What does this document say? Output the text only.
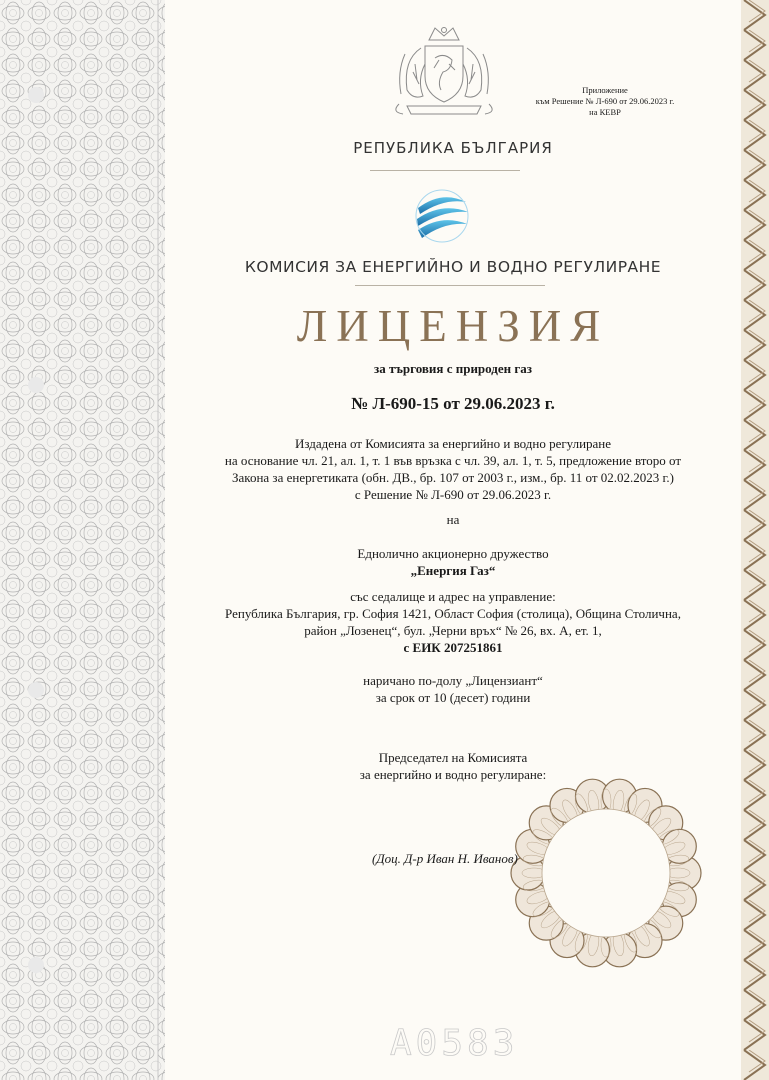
Приложение
към Решение № Л-690 от 29.06.2023 г.
на КЕВР
РЕПУБЛИКА БЪЛГАРИЯ
КОМИСИЯ ЗА ЕНЕРГИЙНО И ВОДНО РЕГУЛИРАНЕ
ЛИЦЕНЗИЯ
за търговия с природен газ
№ Л-690-15 от 29.06.2023 г.
Издадена от Комисията за енергийно и водно регулиране
на основание чл. 21, ал. 1, т. 1 във връзка с чл. 39, ал. 1, т. 5, предложение второ от
Закона за енергетиката (обн. ДВ., бр. 107 от 2003 г., изм., бр. 11 от 02.02.2023 г.)
с Решение № Л-690 от 29.06.2023 г.
на
Еднолично акционерно дружество
„Енергия Газ“
със седалище и адрес на управление:
Република България, гр. София 1421, Област София (столица), Община Столична,
район „Лозенец“, бул. „Черни връх“ № 26, вх. А, ет. 1,
с ЕИК 207251861
наричано по-долу „Лицензиант“
за срок от 10 (десет) години
Председател на Комисията
за енергийно и водно регулиране:
(Доц. Д-р Иван Н. Иванов)
A0583
